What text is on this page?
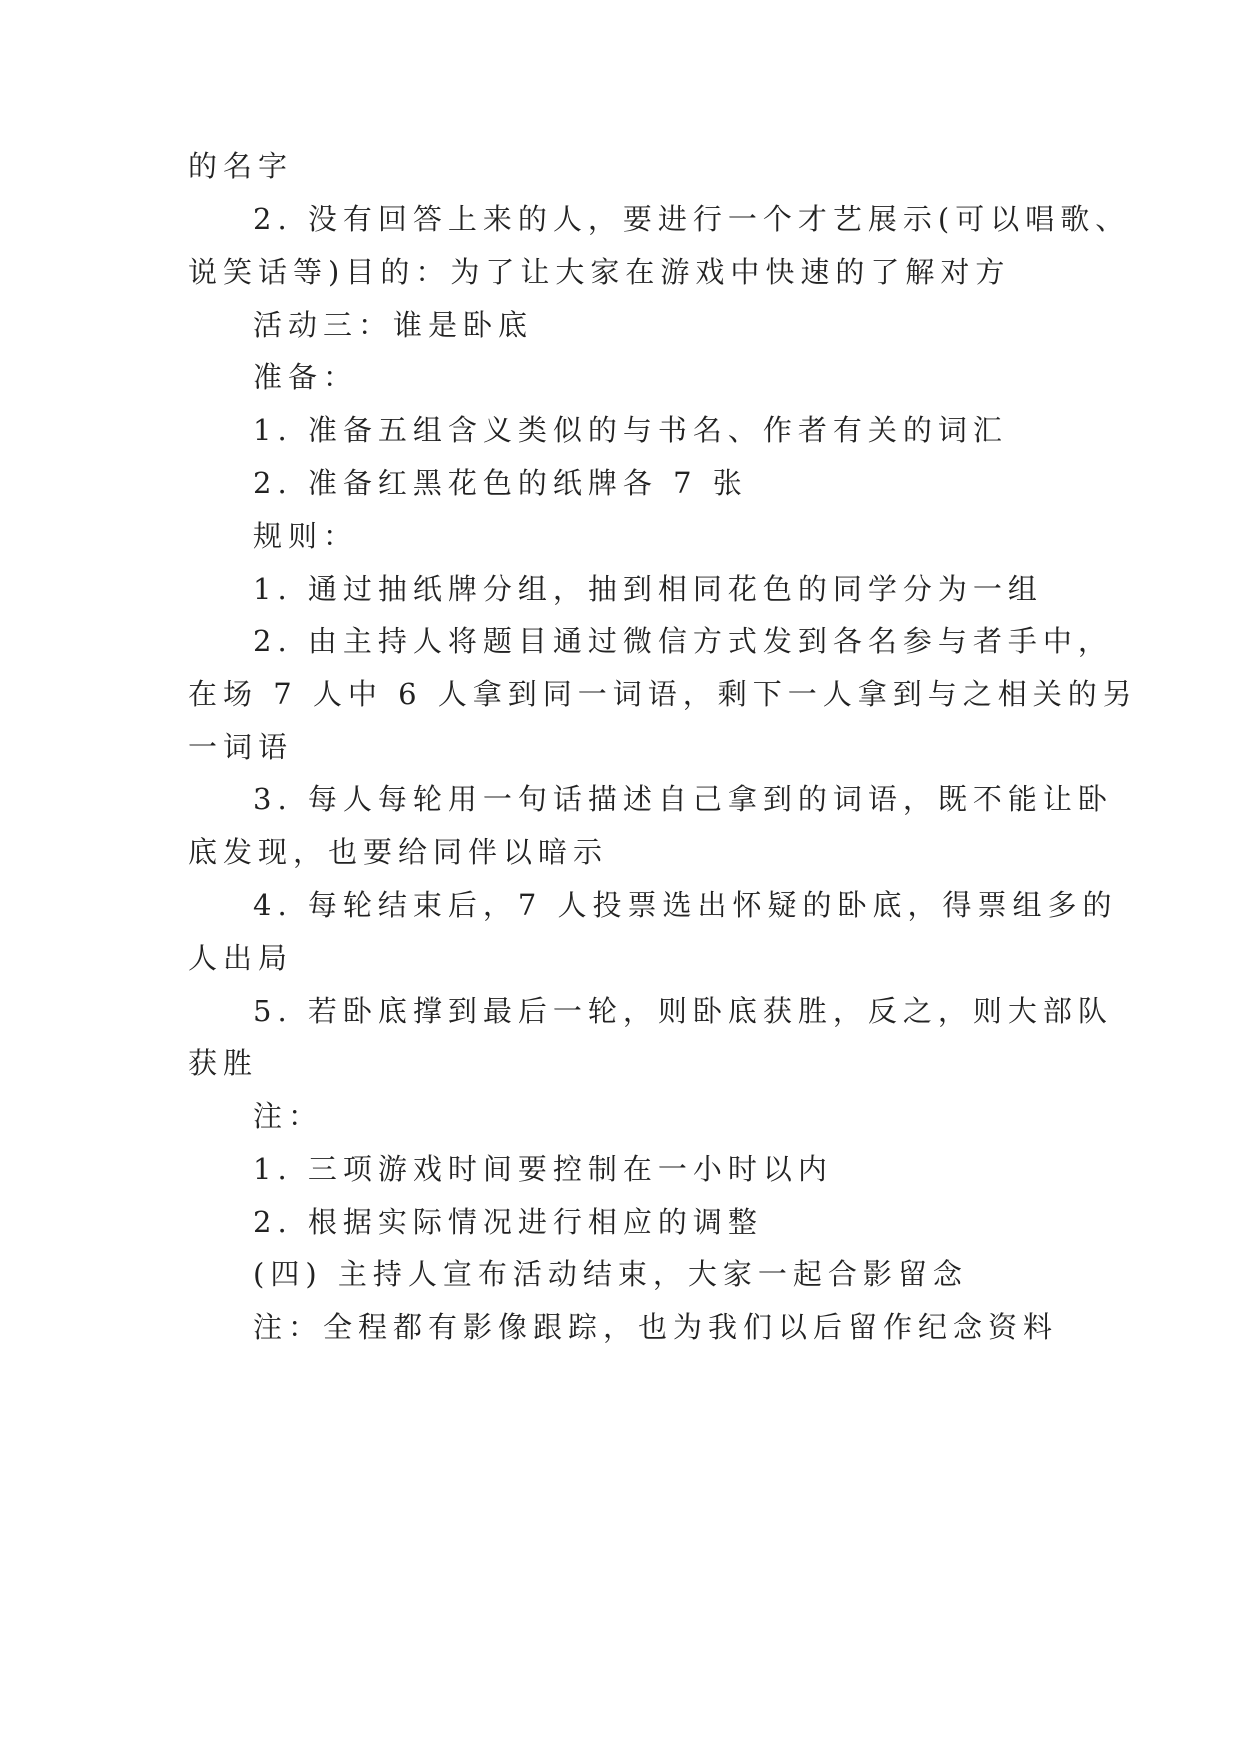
的名字
2. 没有回答上来的人，要进行一个才艺展示(可以唱歌、
说笑话等)目的：为了让大家在游戏中快速的了解对方
活动三：谁是卧底
准备：
1. 准备五组含义类似的与书名、作者有关的词汇
2. 准备红黑花色的纸牌各 7 张
规则：
1. 通过抽纸牌分组，抽到相同花色的同学分为一组
2. 由主持人将题目通过微信方式发到各名参与者手中，
在场 7 人中 6 人拿到同一词语，剩下一人拿到与之相关的另
一词语
3. 每人每轮用一句话描述自己拿到的词语，既不能让卧
底发现，也要给同伴以暗示
4. 每轮结束后，7 人投票选出怀疑的卧底，得票组多的
人出局
5. 若卧底撑到最后一轮，则卧底获胜，反之，则大部队
获胜
注：
1. 三项游戏时间要控制在一小时以内
2. 根据实际情况进行相应的调整
(四) 主持人宣布活动结束，大家一起合影留念
注：全程都有影像跟踪，也为我们以后留作纪念资料
